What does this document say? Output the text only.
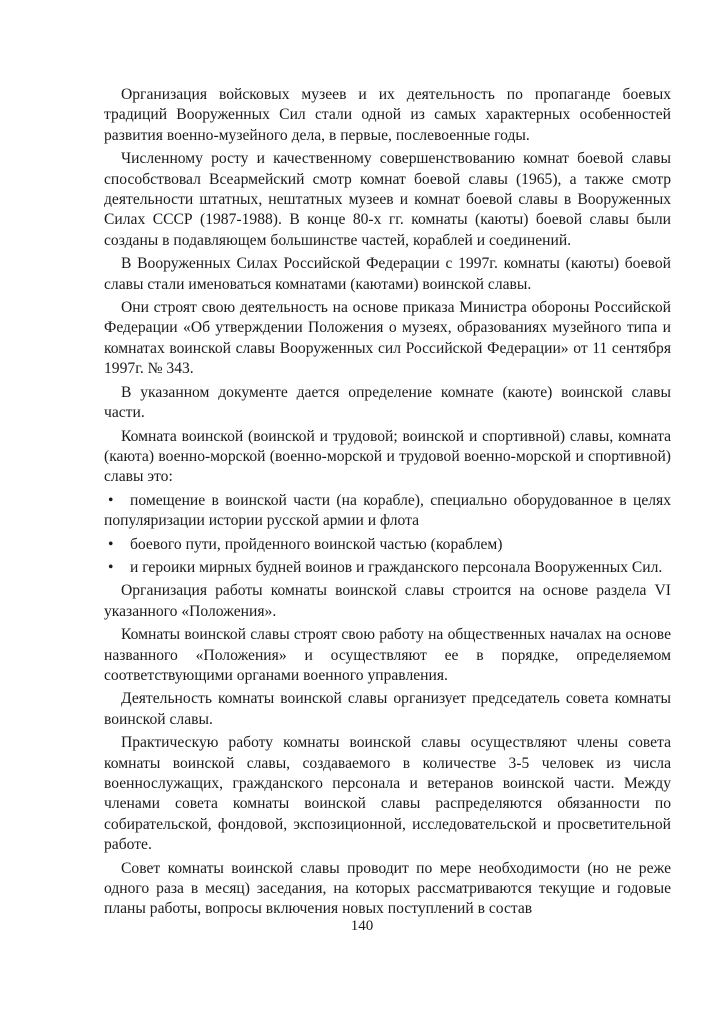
Организация войсковых музеев и их деятельность по пропаганде боевых традиций Вооруженных Сил стали одной из самых характерных особенностей развития военно-музейного дела, в первые, послевоенные годы.

Численному росту и качественному совершенствованию комнат боевой славы способствовал Всеармейский смотр комнат боевой славы (1965), а также смотр деятельности штатных, нештатных музеев и комнат боевой славы в Вооруженных Силах СССР (1987-1988). В конце 80-х гг. комнаты (каюты) боевой славы были созданы в подавляющем большинстве частей, кораблей и соединений.

В Вооруженных Силах Российской Федерации с 1997г. комнаты (каюты) боевой славы стали именоваться комнатами (каютами) воинской славы.

Они строят свою деятельность на основе приказа Министра обороны Российской Федерации «Об утверждении Положения о музеях, образованиях музейного типа и комнатах воинской славы Вооруженных сил Российской Федерации» от 11 сентября 1997г. № 343.

В указанном документе дается определение комнате (каюте) воинской славы части.

Комната воинской (воинской и трудовой; воинской и спортивной) славы, комната (каюта) военно-морской (военно-морской и трудовой военно-морской и спортивной) славы это:

• помещение в воинской части (на корабле), специально оборудованное в целях популяризации истории русской армии и флота

• боевого пути, пройденного воинской частью (кораблем)

• и героики мирных будней воинов и гражданского персонала Вооруженных Сил.

Организация работы комнаты воинской славы строится на основе раздела VI указанного «Положения».

Комнаты воинской славы строят свою работу на общественных началах на основе названного «Положения» и осуществляют ее в порядке, определяемом соответствующими органами военного управления.

Деятельность комнаты воинской славы организует председатель совета комнаты воинской славы.

Практическую работу комнаты воинской славы осуществляют члены совета комнаты воинской славы, создаваемого в количестве 3-5 человек из числа военнослужащих, гражданского персонала и ветеранов воинской части. Между членами совета комнаты воинской славы распределяются обязанности по собирательской, фондовой, экспозиционной, исследовательской и просветительной работе.

Совет комнаты воинской славы проводит по мере необходимости (но не реже одного раза в месяц) заседания, на которых рассматриваются текущие и годовые планы работы, вопросы включения новых поступлений в состав

140
